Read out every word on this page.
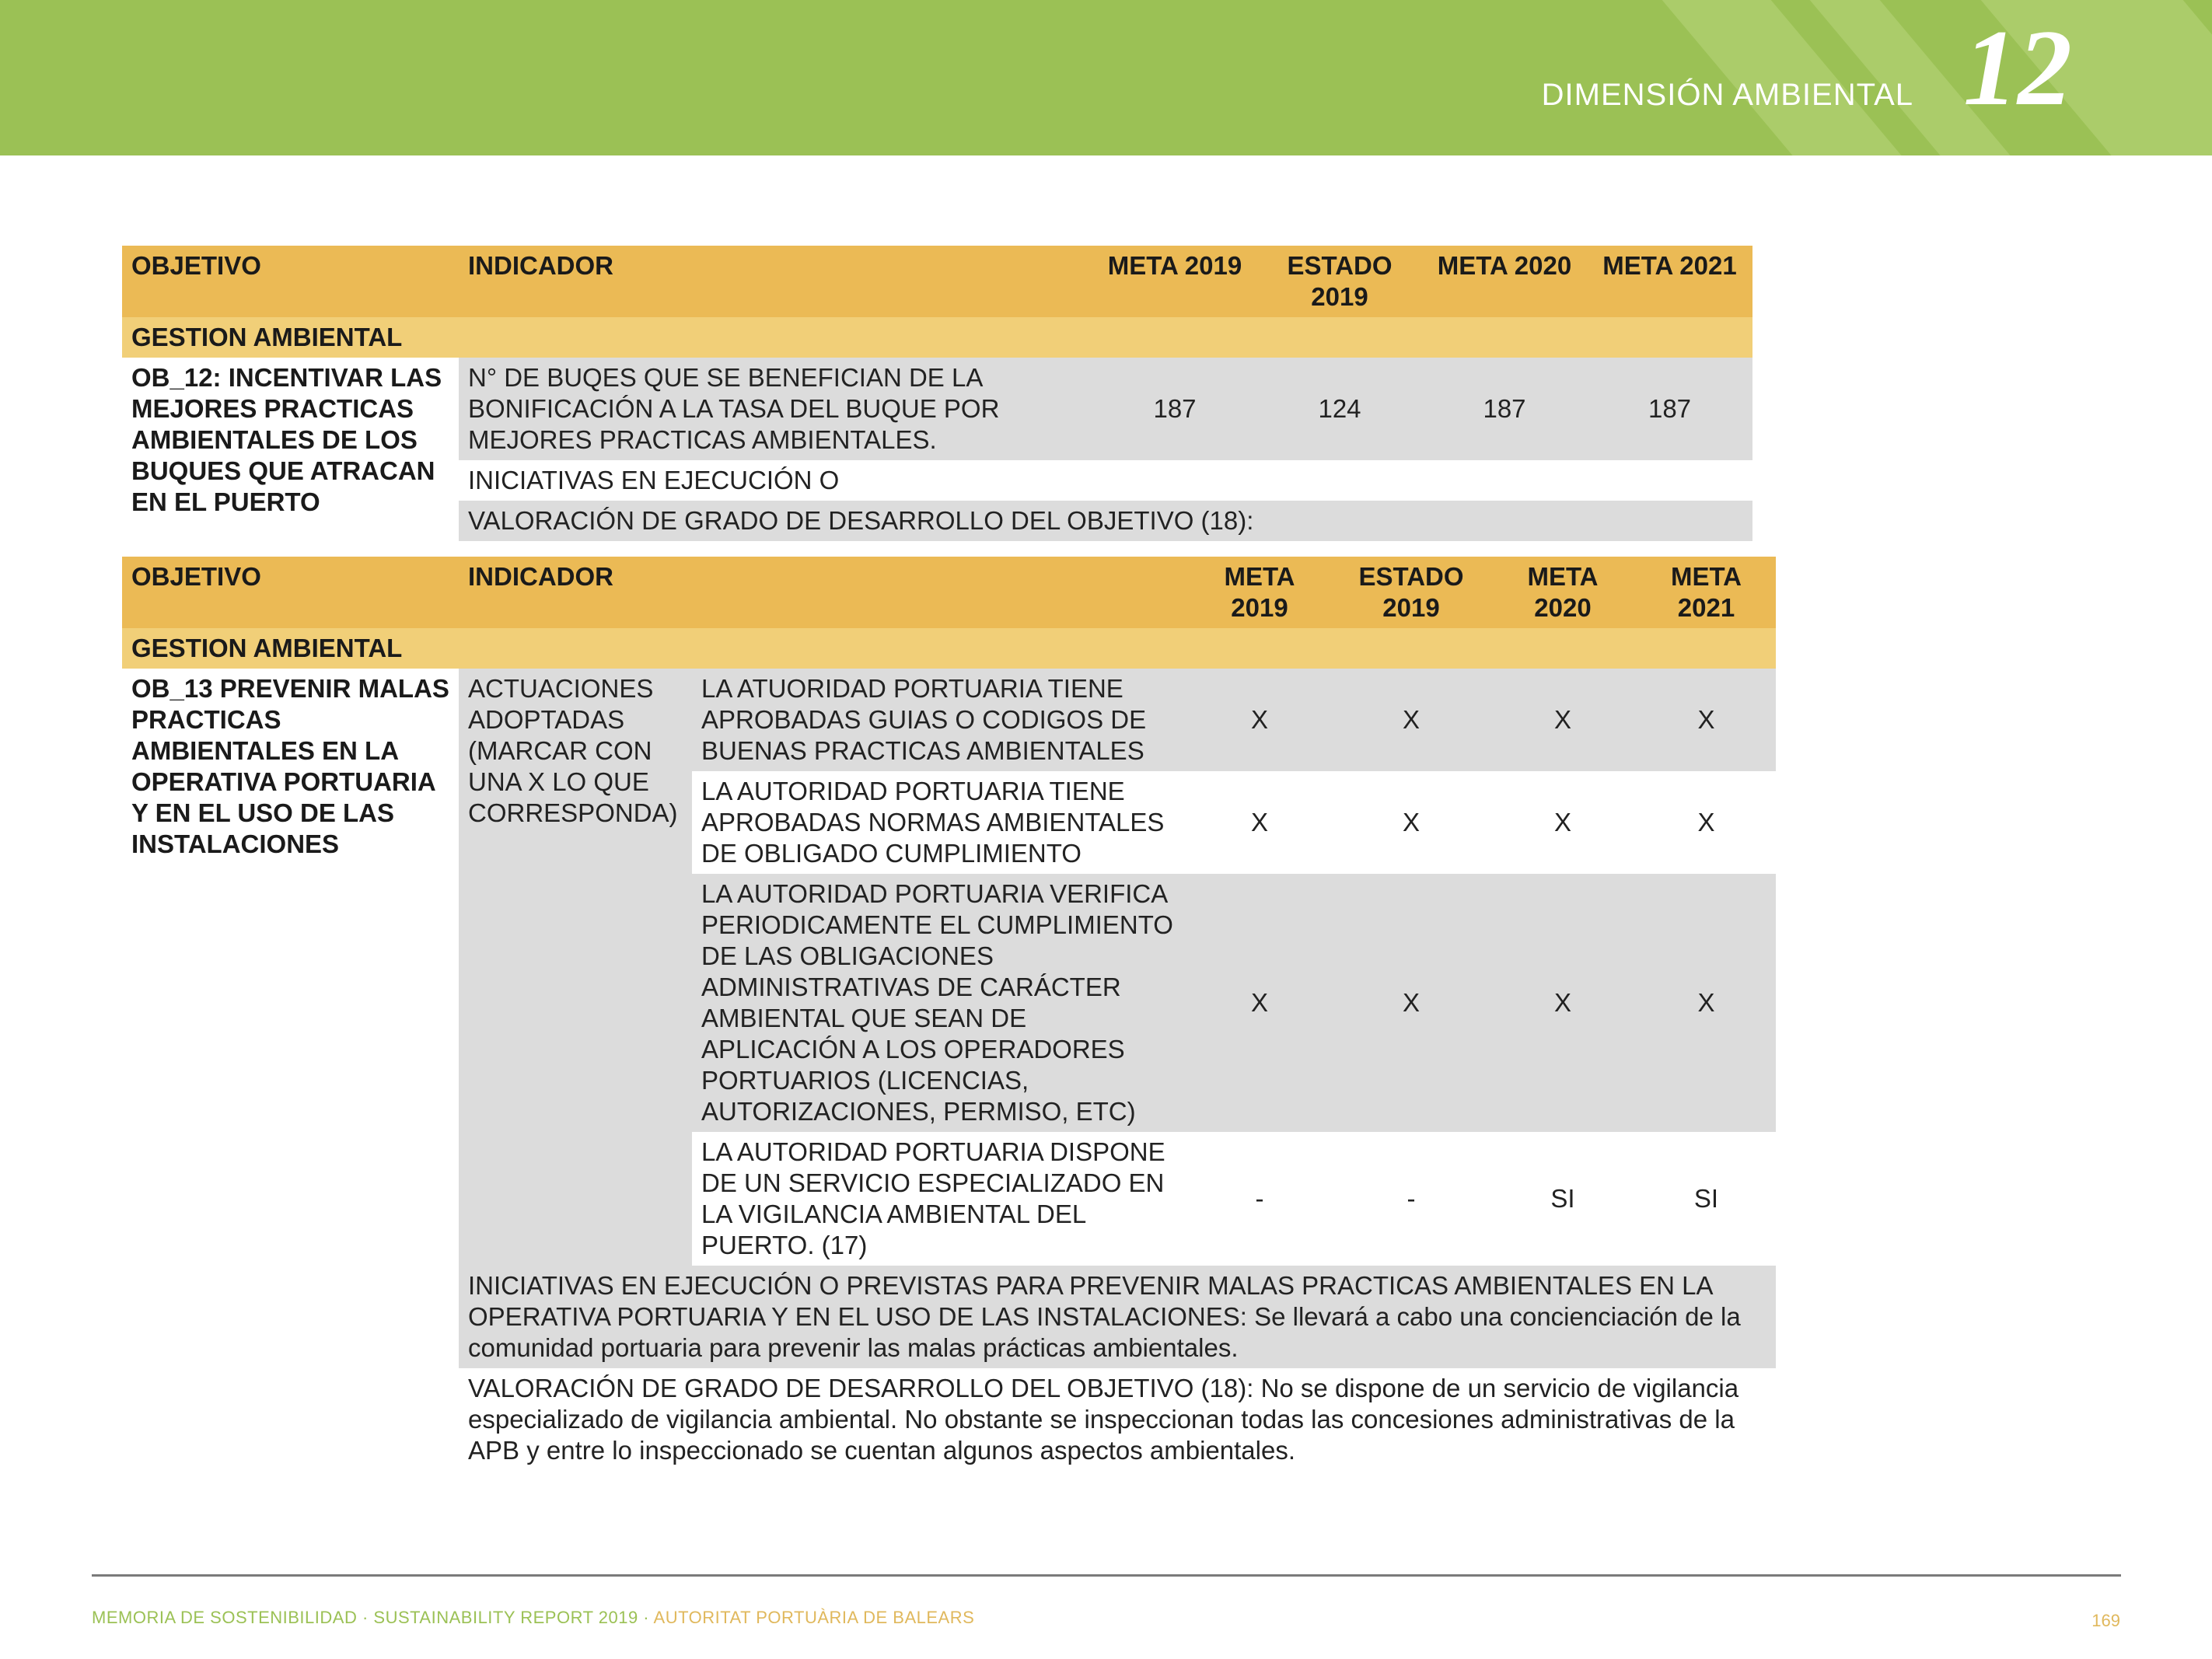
DIMENSIÓN AMBIENTAL 12
OBJETIVO	INDICADOR	META 2019	ESTADO 2019	META 2020	META 2021
GESTION AMBIENTAL					
OB_12: INCENTIVAR LAS MEJORES PRACTICAS AMBIENTALES DE LOS BUQUES QUE ATRACAN EN EL PUERTO	N° DE BUQES QUE SE BENEFICIAN DE LA BONIFICACIÓN A LA TASA DEL BUQUE POR MEJORES PRACTICAS AMBIENTALES.	187	124	187	187
	INICIATIVAS EN EJECUCIÓN O				
	VALORACIÓN DE GRADO DE DESARROLLO DEL OBJETIVO (18):				
OBJETIVO	INDICADOR		META 2019	ESTADO 2019	META 2020	META 2021
GESTION AMBIENTAL						
OB_13 PREVENIR MALAS PRACTICAS AMBIENTALES EN LA OPERATIVA PORTUARIA Y EN EL USO DE LAS INSTALACIONES	ACTUACIONES ADOPTADAS (MARCAR CON UNA X LO QUE CORRESPONDA)	LA ATUORIDAD PORTUARIA TIENE APROBADAS GUIAS O CODIGOS DE BUENAS PRACTICAS AMBIENTALES	X	X	X	X
		LA AUTORIDAD PORTUARIA TIENE APROBADAS NORMAS AMBIENTALES DE OBLIGADO CUMPLIMIENTO	X	X	X	X
		LA AUTORIDAD PORTUARIA VERIFICA PERIODICAMENTE EL CUMPLIMIENTO DE LAS OBLIGACIONES ADMINISTRATIVAS DE CARÁCTER AMBIENTAL QUE SEAN DE APLICACIÓN A LOS OPERADORES PORTUARIOS (LICENCIAS, AUTORIZACIONES, PERMISO, ETC)	X	X	X	X
		LA AUTORIDAD PORTUARIA DISPONE DE UN SERVICIO ESPECIALIZADO EN LA VIGILANCIA AMBIENTAL DEL PUERTO. (17)	-	-	SI	SI
	INICIATIVAS EN EJECUCIÓN O PREVISTAS PARA PREVENIR MALAS PRACTICAS AMBIENTALES EN LA OPERATIVA PORTUARIA Y EN EL USO DE LAS INSTALACIONES: Se llevará a cabo una concienciación de la comunidad portuaria para prevenir las malas prácticas ambientales.					
	VALORACIÓN DE GRADO DE DESARROLLO DEL OBJETIVO (18): No se dispone de un servicio de vigilancia especializado de vigilancia ambiental. No obstante se inspeccionan todas las concesiones administrativas de la APB y entre lo inspeccionado se cuentan algunos aspectos ambientales.					
MEMORIA DE SOSTENIBILIDAD · SUSTAINABILITY REPORT 2019 · AUTORITAT PORTUÀRIA DE BALEARS	169
